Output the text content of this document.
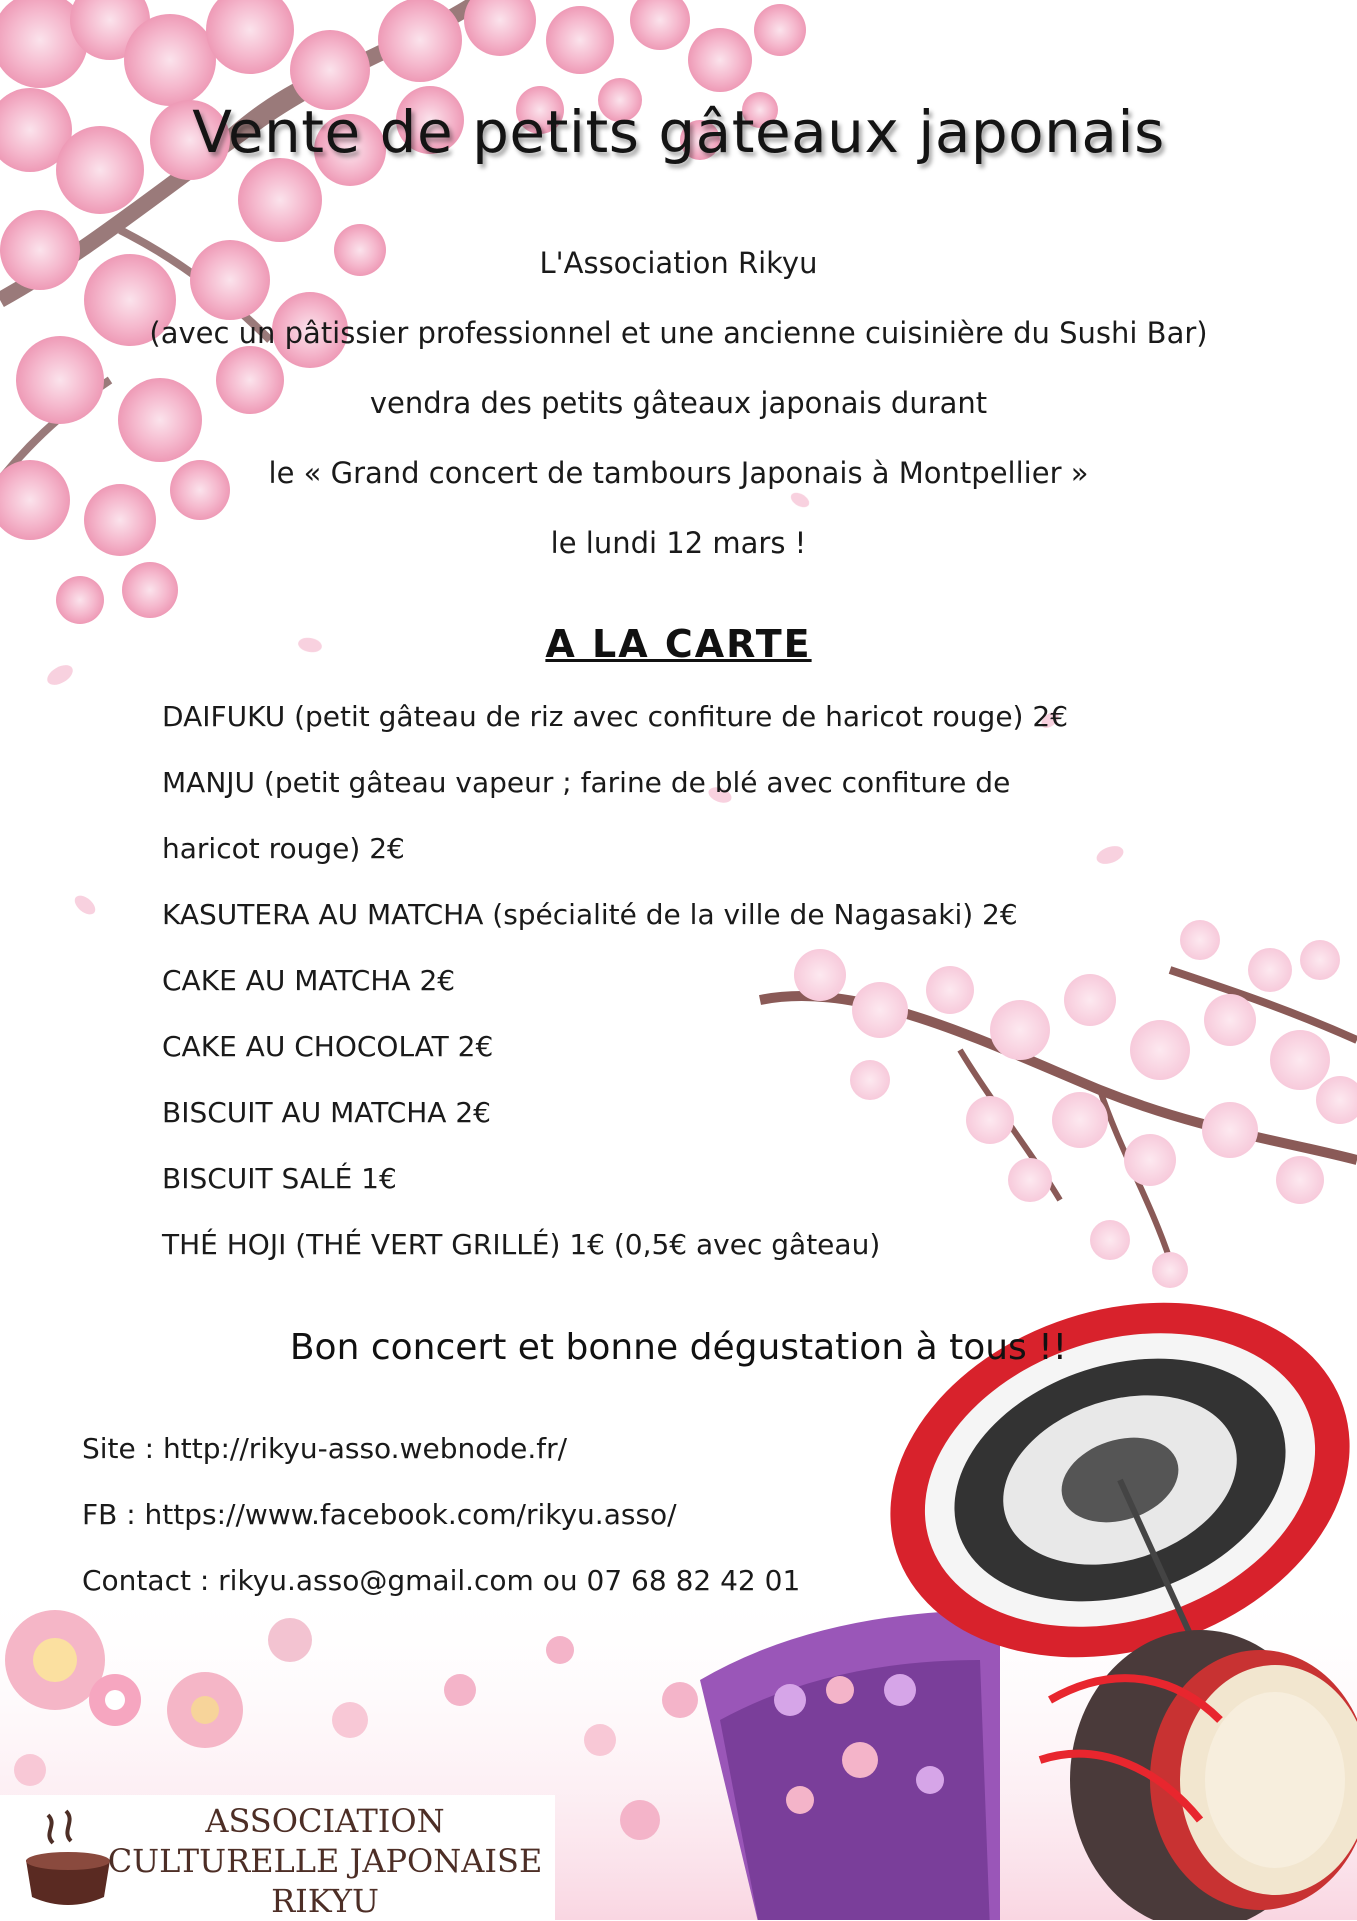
Vente de petits gâteaux japonais
L'Association Rikyu
(avec un pâtissier professionnel et une ancienne cuisinière du Sushi Bar)
vendra des petits gâteaux japonais durant
le « Grand concert de tambours Japonais à Montpellier »
le lundi 12 mars !
A LA CARTE
DAIFUKU (petit gâteau de riz avec confiture de haricot rouge) 2€
MANJU (petit gâteau vapeur ; farine de blé avec confiture de
haricot rouge) 2€
KASUTERA AU MATCHA (spécialité de la ville de Nagasaki) 2€
CAKE AU MATCHA 2€
CAKE AU CHOCOLAT 2€
BISCUIT AU MATCHA 2€
BISCUIT SALÉ 1€
THÉ HOJI (THÉ VERT GRILLÉ) 1€ (0,5€ avec gâteau)
Bon concert et bonne dégustation à tous !!
Site : http://rikyu-asso.webnode.fr/
FB : https://www.facebook.com/rikyu.asso/
Contact : rikyu.asso@gmail.com ou 07 68 82 42 01
ASSOCIATION
CULTURELLE JAPONAISE
RIKYU
